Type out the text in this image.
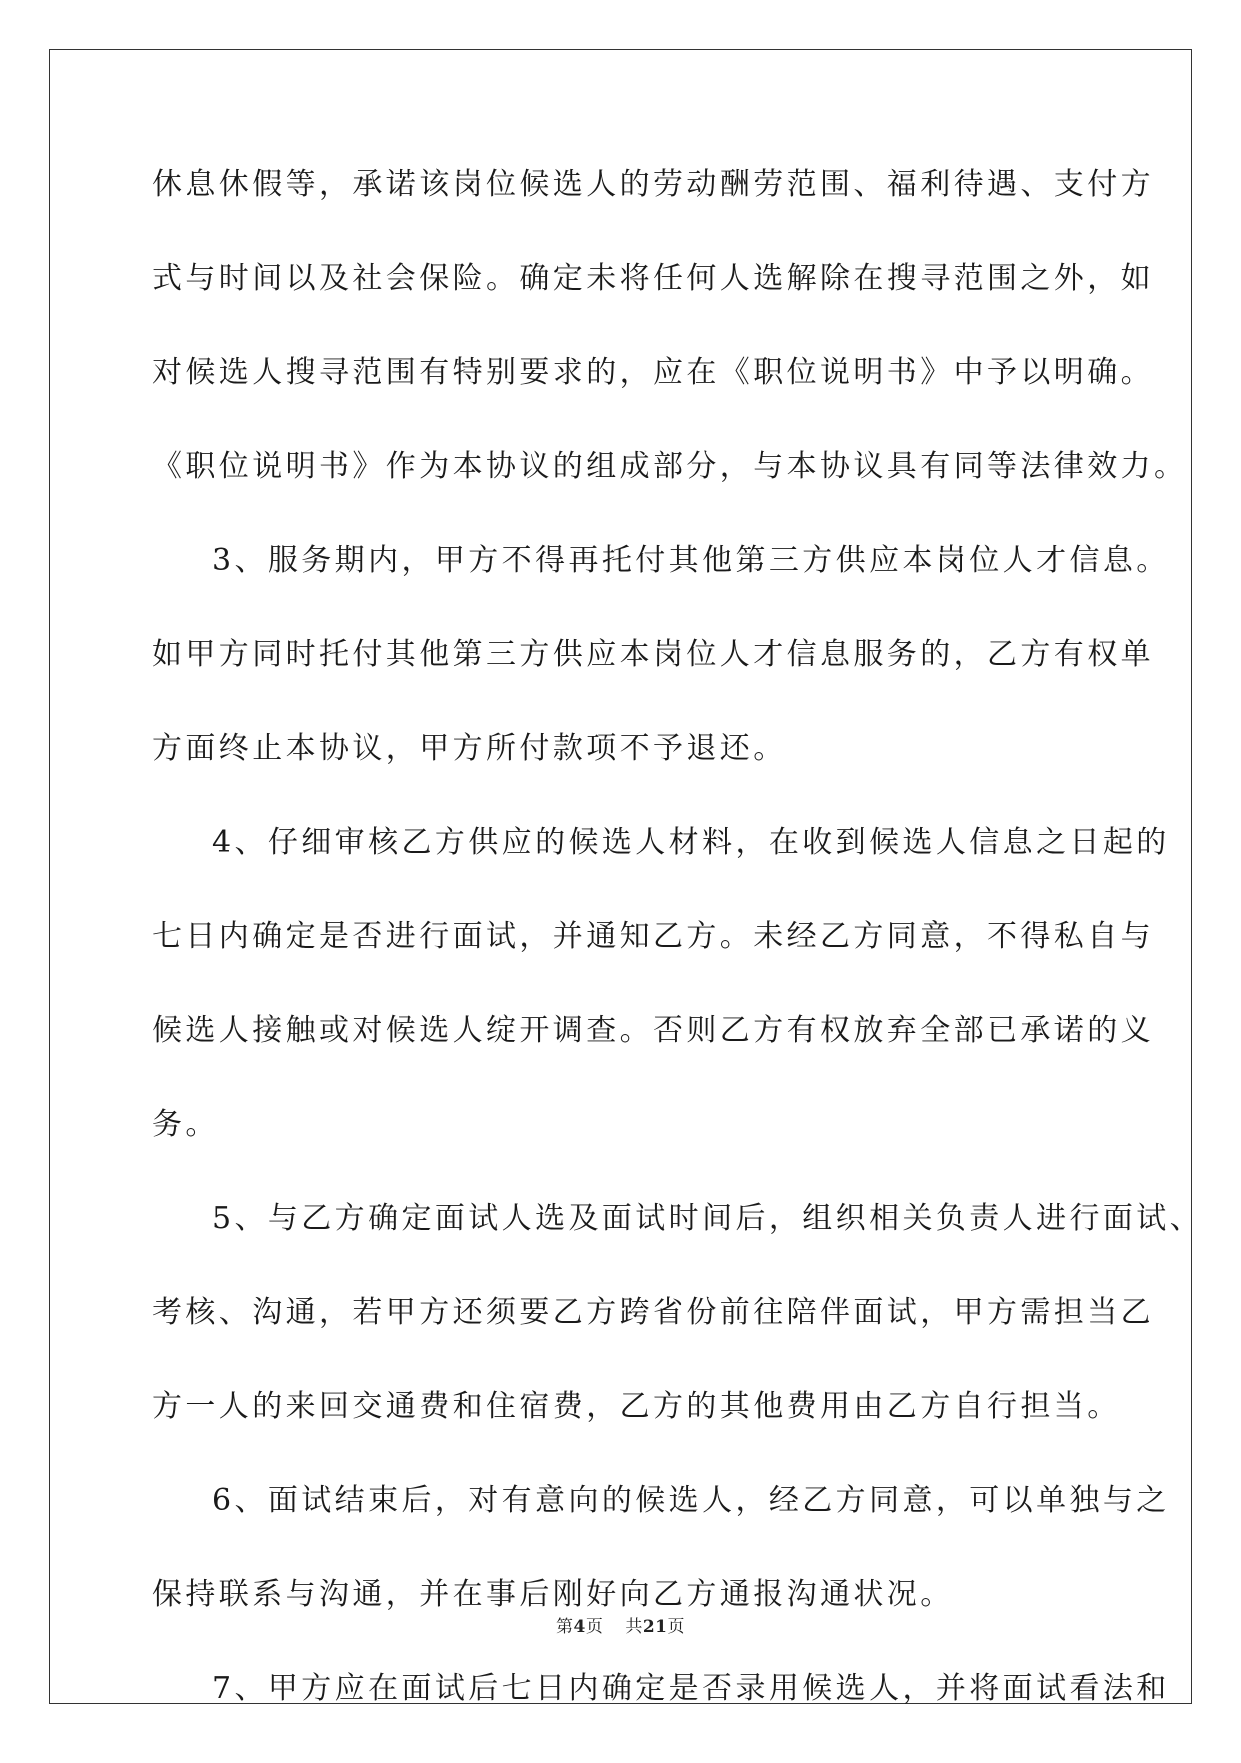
休息休假等，承诺该岗位候选人的劳动酬劳范围、福利待遇、支付方
式与时间以及社会保险。确定未将任何人选解除在搜寻范围之外，如
对候选人搜寻范围有特别要求的，应在《职位说明书》中予以明确。
《职位说明书》作为本协议的组成部分，与本协议具有同等法律效力。
3、服务期内，甲方不得再托付其他第三方供应本岗位人才信息。
如甲方同时托付其他第三方供应本岗位人才信息服务的，乙方有权单
方面终止本协议，甲方所付款项不予退还。
4、仔细审核乙方供应的候选人材料，在收到候选人信息之日起的
七日内确定是否进行面试，并通知乙方。未经乙方同意，不得私自与
候选人接触或对候选人绽开调查。否则乙方有权放弃全部已承诺的义
务。
5、与乙方确定面试人选及面试时间后，组织相关负责人进行面试、
考核、沟通，若甲方还须要乙方跨省份前往陪伴面试，甲方需担当乙
方一人的来回交通费和住宿费，乙方的其他费用由乙方自行担当。
6、面试结束后，对有意向的候选人，经乙方同意，可以单独与之
保持联系与沟通，并在事后刚好向乙方通报沟通状况。
7、甲方应在面试后七日内确定是否录用候选人，并将面试看法和
第4页 共21页
